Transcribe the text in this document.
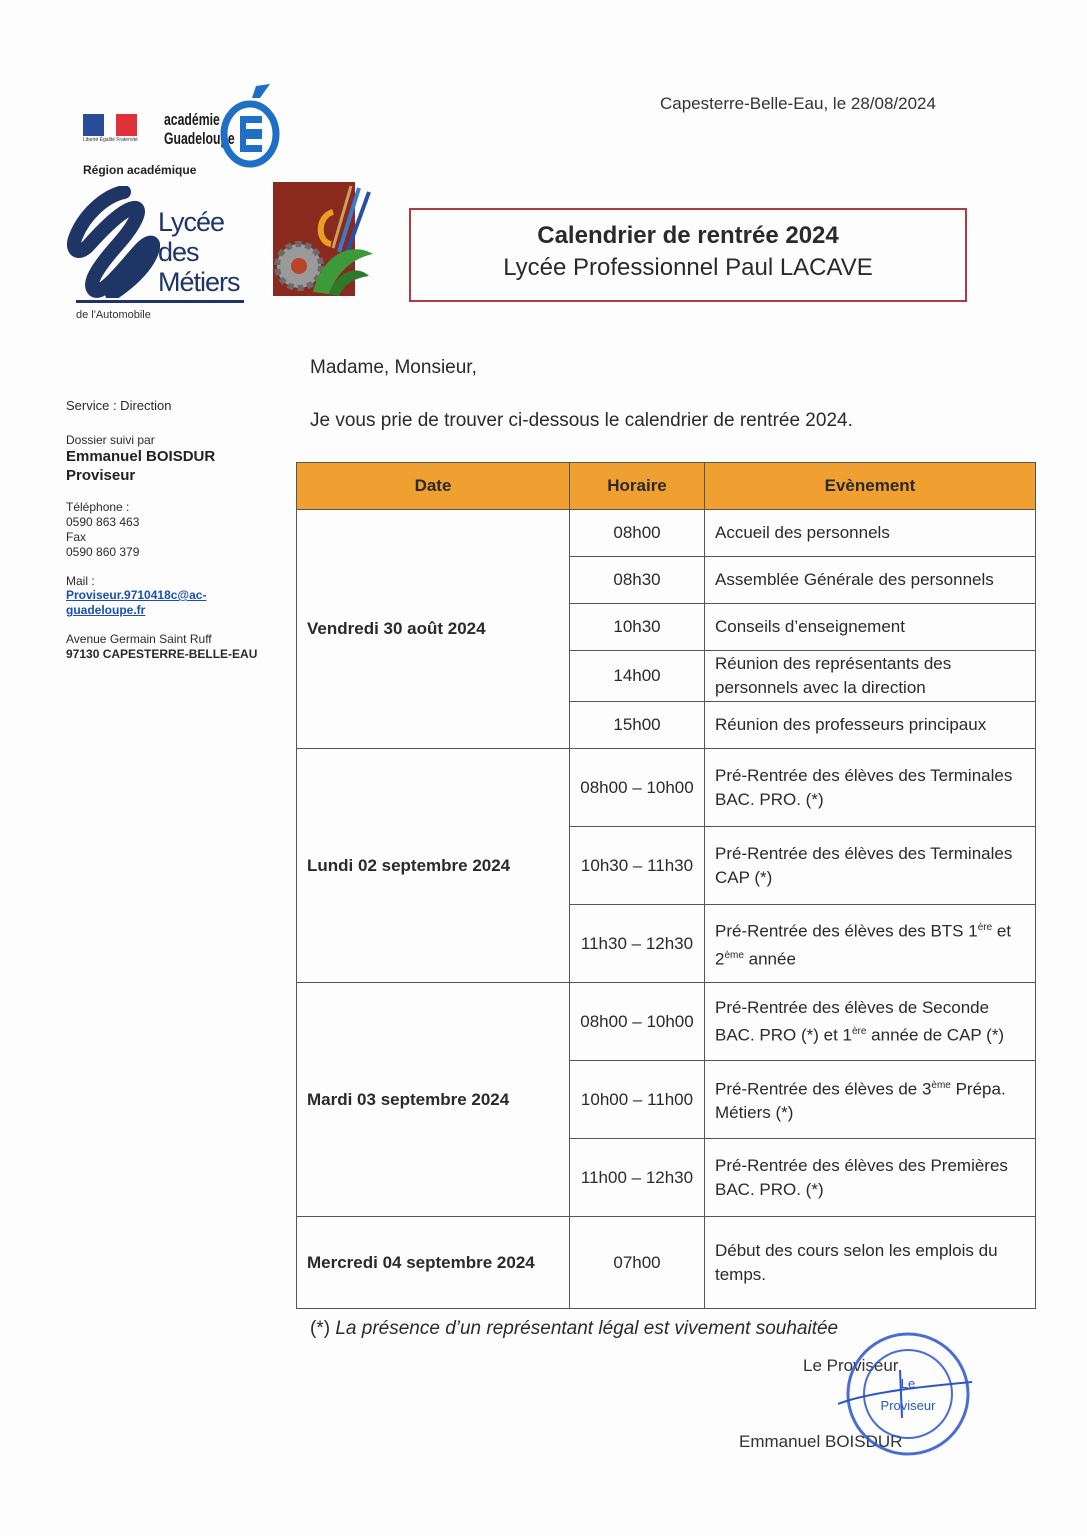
Liberté Égalité Fraternité
académie
Guadeloupe
Région académique
Lycée
des
Métiers
de l'Automobile
Capesterre-Belle-Eau, le 28/08/2024
Calendrier de rentrée 2024
Lycée Professionnel Paul LACAVE
Service : Direction
Dossier suivi par
Emmanuel BOISDUR
Proviseur
Téléphone :
0590 863 463
Fax
0590 860 379
Mail :
Proviseur.9710418c@ac-
guadeloupe.fr
Avenue Germain Saint Ruff
97130 CAPESTERRE-BELLE-EAU
Madame, Monsieur,
Je vous prie de trouver ci-dessous le calendrier de rentrée 2024.
Date	Horaire	Evènement
Vendredi 30 août 2024	08h00	Accueil des personnels
	08h30	Assemblée Générale des personnels
	10h30	Conseils d’enseignement
	14h00	Réunion des représentants des personnels avec la direction
	15h00	Réunion des professeurs principaux
Lundi 02 septembre 2024	08h00 – 10h00	Pré-Rentrée des élèves des Terminales BAC. PRO. (*)
	10h30 – 11h30	Pré-Rentrée des élèves des Terminales CAP (*)
	11h30 – 12h30	Pré-Rentrée des élèves des BTS 1ère et 2ème année
Mardi 03 septembre 2024	08h00 – 10h00	Pré-Rentrée des élèves de Seconde BAC. PRO (*) et 1ère année de CAP (*)
	10h00 – 11h00	Pré-Rentrée des élèves de 3ème Prépa. Métiers (*)
	11h00 – 12h30	Pré-Rentrée des élèves des Premières BAC. PRO. (*)
Mercredi 04 septembre 2024	07h00	Début des cours selon les emplois du temps.
(*) La présence d’un représentant légal est vivement souhaitée
Le Proviseur
Emmanuel BOISDUR
Le
Proviseur
